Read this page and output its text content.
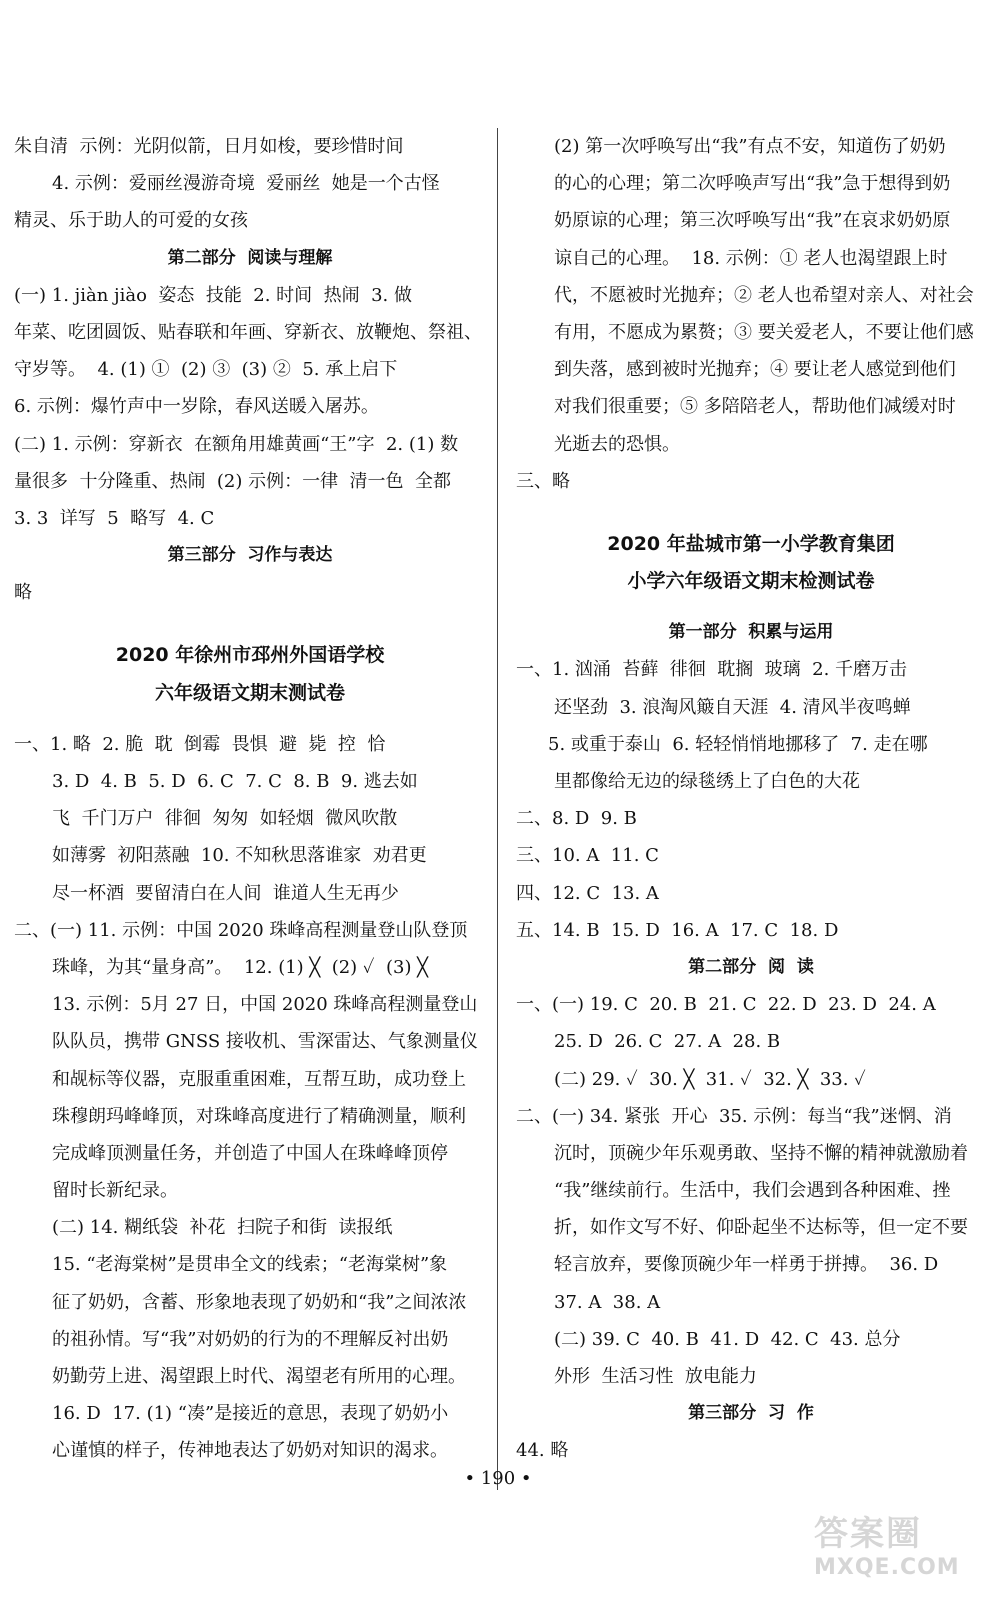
朱自清  示例：光阴似箭，日月如梭，要珍惜时间
4. 示例：爱丽丝漫游奇境  爱丽丝  她是一个古怪
精灵、乐于助人的可爱的女孩
第二部分  阅读与理解
(一) 1. jiàn jiào  姿态  技能  2. 时间  热闹  3. 做
年菜、吃团圆饭、贴春联和年画、穿新衣、放鞭炮、祭祖、
守岁等。  4. (1) ①  (2) ③  (3) ②  5. 承上启下
6. 示例：爆竹声中一岁除，春风送暖入屠苏。
(二) 1. 示例：穿新衣  在额角用雄黄画“王”字  2. (1) 数
量很多  十分隆重、热闹  (2) 示例：一律  清一色  全都
3. 3  详写  5  略写  4. C
第三部分  习作与表达
略
2020 年徐州市邳州外国语学校
六年级语文期末测试卷
一、1. 略  2. 脆  耽  倒霉  畏惧  避  毙  控  恰
3. D  4. B  5. D  6. C  7. C  8. B  9. 逃去如
飞  千门万户  徘徊  匆匆  如轻烟  微风吹散
如薄雾  初阳蒸融  10. 不知秋思落谁家  劝君更
尽一杯酒  要留清白在人间  谁道人生无再少
二、(一) 11. 示例：中国 2020 珠峰高程测量登山队登顶
珠峰，为其“量身高”。  12. (1) ╳  (2) ✓  (3) ╳
13. 示例：5月 27 日，中国 2020 珠峰高程测量登山
队队员，携带 GNSS 接收机、雪深雷达、气象测量仪
和觇标等仪器，克服重重困难，互帮互助，成功登上
珠穆朗玛峰峰顶，对珠峰高度进行了精确测量，顺利
完成峰顶测量任务，并创造了中国人在珠峰峰顶停
留时长新纪录。
(二) 14. 糊纸袋  补花  扫院子和街  读报纸
15. “老海棠树”是贯串全文的线索；“老海棠树”象
征了奶奶，含蓄、形象地表现了奶奶和“我”之间浓浓
的祖孙情。写“我”对奶奶的行为的不理解反衬出奶
奶勤劳上进、渴望跟上时代、渴望老有所用的心理。
16. D  17. (1) “凑”是接近的意思，表现了奶奶小
心谨慎的样子，传神地表达了奶奶对知识的渴求。
(2) 第一次呼唤写出“我”有点不安，知道伤了奶奶
的心的心理；第二次呼唤声写出“我”急于想得到奶
奶原谅的心理；第三次呼唤写出“我”在哀求奶奶原
谅自己的心理。  18. 示例：① 老人也渴望跟上时
代，不愿被时光抛弃；② 老人也希望对亲人、对社会
有用，不愿成为累赘；③ 要关爱老人，不要让他们感
到失落，感到被时光抛弃；④ 要让老人感觉到他们
对我们很重要；⑤ 多陪陪老人，帮助他们减缓对时
光逝去的恐惧。
三、略
2020 年盐城市第一小学教育集团
小学六年级语文期末检测试卷
第一部分  积累与运用
一、1. 汹涌  苔藓  徘徊  耽搁  玻璃  2. 千磨万击
还坚劲  3. 浪淘风簸自天涯  4. 清风半夜鸣蝉
5. 或重于泰山  6. 轻轻悄悄地挪移了  7. 走在哪
里都像给无边的绿毯绣上了白色的大花
二、8. D  9. B
三、10. A  11. C
四、12. C  13. A
五、14. B  15. D  16. A  17. C  18. D
第二部分  阅  读
一、(一) 19. C  20. B  21. C  22. D  23. D  24. A
25. D  26. C  27. A  28. B
(二) 29. ✓  30. ╳  31. ✓  32. ╳  33. ✓
二、(一) 34. 紧张  开心  35. 示例：每当“我”迷惘、消
沉时，顶碗少年乐观勇敢、坚持不懈的精神就激励着
“我”继续前行。生活中，我们会遇到各种困难、挫
折，如作文写不好、仰卧起坐不达标等，但一定不要
轻言放弃，要像顶碗少年一样勇于拼搏。  36. D
37. A  38. A
(二) 39. C  40. B  41. D  42. C  43. 总分
外形  生活习性  放电能力
第三部分  习  作
44. 略
• 190 •
答案圈
MXQE.COM
